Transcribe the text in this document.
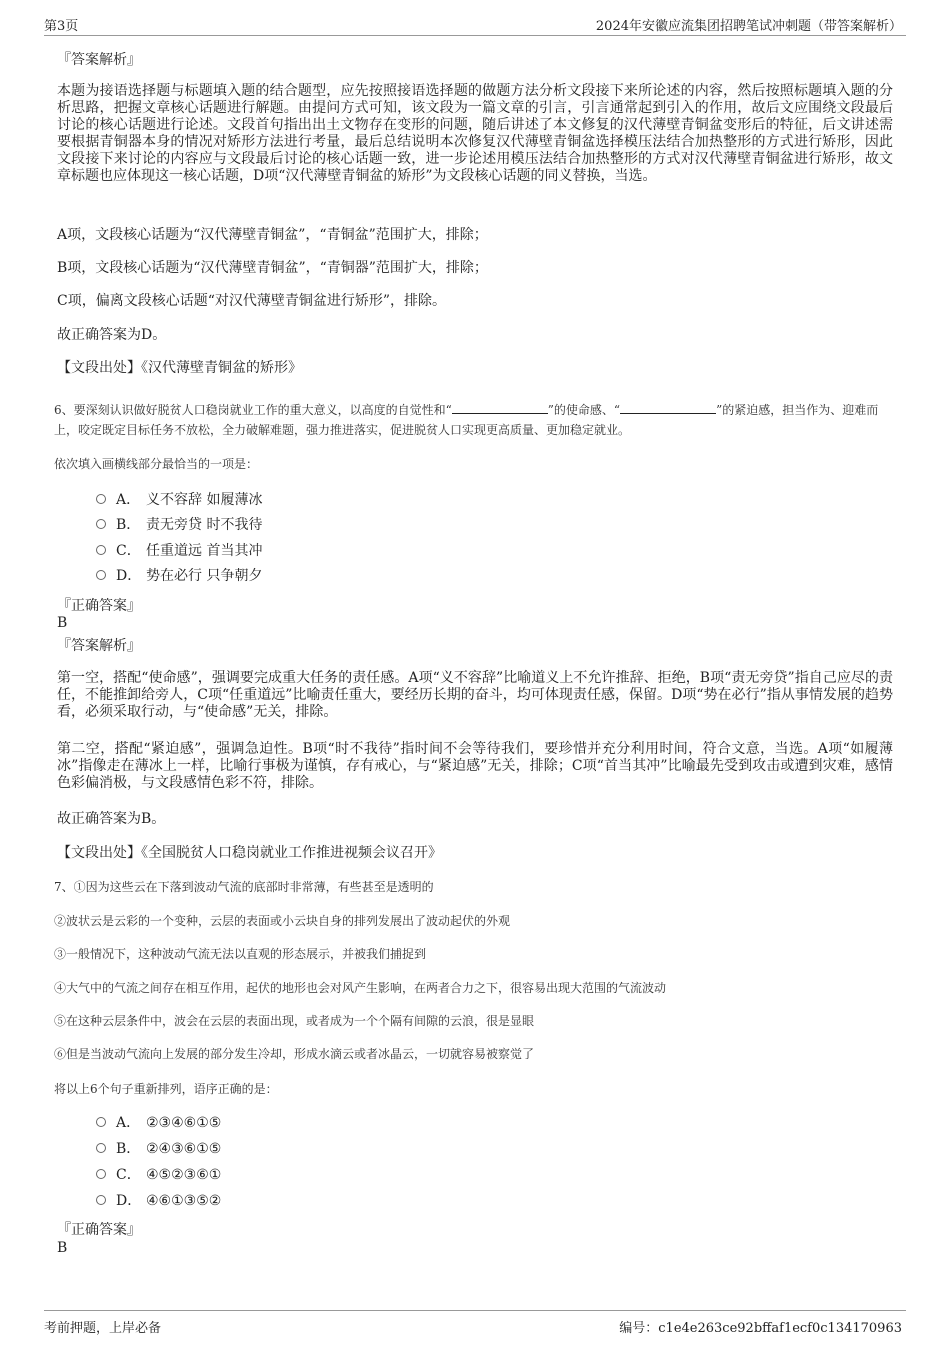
第3页	2024年安徽应流集团招聘笔试冲刺题（带答案解析）
『答案解析』
本题为接语选择题与标题填入题的结合题型，应先按照接语选择题的做题方法分析文段接下来所论述的内容，然后按照标题填入题的分析思路，把握文章核心话题进行解题。由提问方式可知，该文段为一篇文章的引言，引言通常起到引入的作用，故后文应围绕文段最后讨论的核心话题进行论述。文段首句指出出土文物存在变形的问题，随后讲述了本文修复的汉代薄壁青铜盆变形后的特征，后文讲述需要根据青铜器本身的情况对矫形方法进行考量，最后总结说明本次修复汉代薄壁青铜盆选择模压法结合加热整形的方式进行矫形，因此文段接下来讨论的内容应与文段最后讨论的核心话题一致，进一步论述用模压法结合加热整形的方式对汉代薄壁青铜盆进行矫形，故文章标题也应体现这一核心话题，D项“汉代薄壁青铜盆的矫形”为文段核心话题的同义替换，当选。
A项，文段核心话题为“汉代薄壁青铜盆”，“青铜盆”范围扩大，排除；
B项，文段核心话题为“汉代薄壁青铜盆”，“青铜器”范围扩大，排除；
C项，偏离文段核心话题“对汉代薄壁青铜盆进行矫形”，排除。
故正确答案为D。
【文段出处】《汉代薄壁青铜盆的矫形》
6、要深刻认识做好脱贫人口稳岗就业工作的重大意义，以高度的自觉性和“	”的使命感、“	”的紧迫感，担当作为、迎难而上，咬定既定目标任务不放松，全力破解难题，强力推进落实，促进脱贫人口实现更高质量、更加稳定就业。
依次填入画横线部分最恰当的一项是：
A． 义不容辞 如履薄冰
B． 责无旁贷 时不我待
C． 任重道远 首当其冲
D． 势在必行 只争朝夕
『正确答案』
B
『答案解析』
第一空，搭配“使命感”，强调要完成重大任务的责任感。A项“义不容辞”比喻道义上不允许推辞、拒绝，B项“责无旁贷”指自己应尽的责任，不能推卸给旁人，C项“任重道远”比喻责任重大，要经历长期的奋斗，均可体现责任感，保留。D项“势在必行”指从事情发展的趋势看，必须采取行动，与“使命感”无关，排除。
第二空，搭配“紧迫感”，强调急迫性。B项“时不我待”指时间不会等待我们，要珍惜并充分利用时间，符合文意，当选。A项“如履薄冰”指像走在薄冰上一样，比喻行事极为谨慎，存有戒心，与“紧迫感”无关，排除；C项“首当其冲”比喻最先受到攻击或遭到灾难，感情色彩偏消极，与文段感情色彩不符，排除。
故正确答案为B。
【文段出处】《全国脱贫人口稳岗就业工作推进视频会议召开》
7、①因为这些云在下落到波动气流的底部时非常薄，有些甚至是透明的
②波状云是云彩的一个变种，云层的表面或小云块自身的排列发展出了波动起伏的外观
③一般情况下，这种波动气流无法以直观的形态展示，并被我们捕捉到
④大气中的气流之间存在相互作用，起伏的地形也会对风产生影响，在两者合力之下，很容易出现大范围的气流波动
⑤在这种云层条件中，波会在云层的表面出现，或者成为一个个隔有间隙的云浪，很是显眼
⑥但是当波动气流向上发展的部分发生冷却，形成水滴云或者冰晶云，一切就容易被察觉了
将以上6个句子重新排列，语序正确的是：
A． ②③④⑥①⑤
B． ②④③⑥①⑤
C． ④⑤②③⑥①
D． ④⑥①③⑤②
『正确答案』
B
考前押题，上岸必备	编号：c1e4e263ce92bffaf1ecf0c134170963
